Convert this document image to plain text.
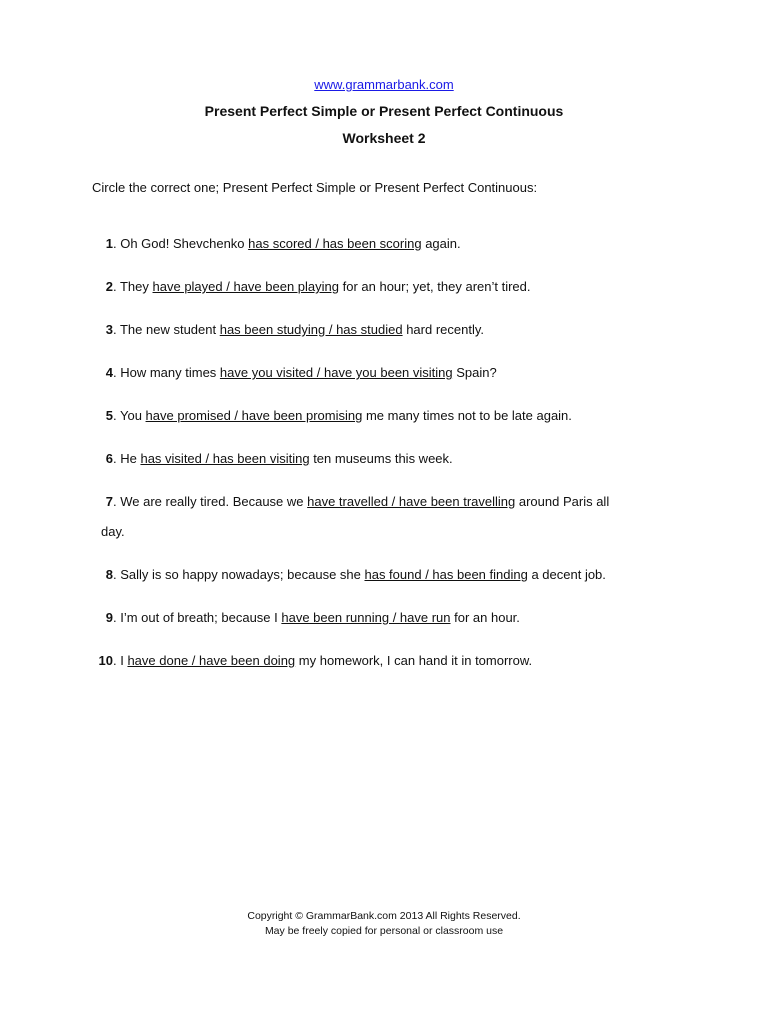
www.grammarbank.com
Present Perfect Simple or Present Perfect Continuous
Worksheet 2
Circle the correct one; Present Perfect Simple or Present Perfect Continuous:
1. Oh God! Shevchenko has scored / has been scoring again.
2. They have played / have been playing for an hour; yet, they aren’t tired.
3. The new student has been studying / has studied hard recently.
4. How many times have you visited / have you been visiting Spain?
5. You have promised / have been promising me many times not to be late again.
6. He has visited / has been visiting ten museums this week.
7. We are really tired. Because we have travelled / have been travelling around Paris all
day.
8. Sally is so happy nowadays; because she has found / has been finding a decent job.
9. I’m out of breath; because I have been running / have run for an hour.
10. I have done / have been doing my homework, I can hand it in tomorrow.
Copyright © GrammarBank.com 2013 All Rights Reserved.
May be freely copied for personal or classroom use
